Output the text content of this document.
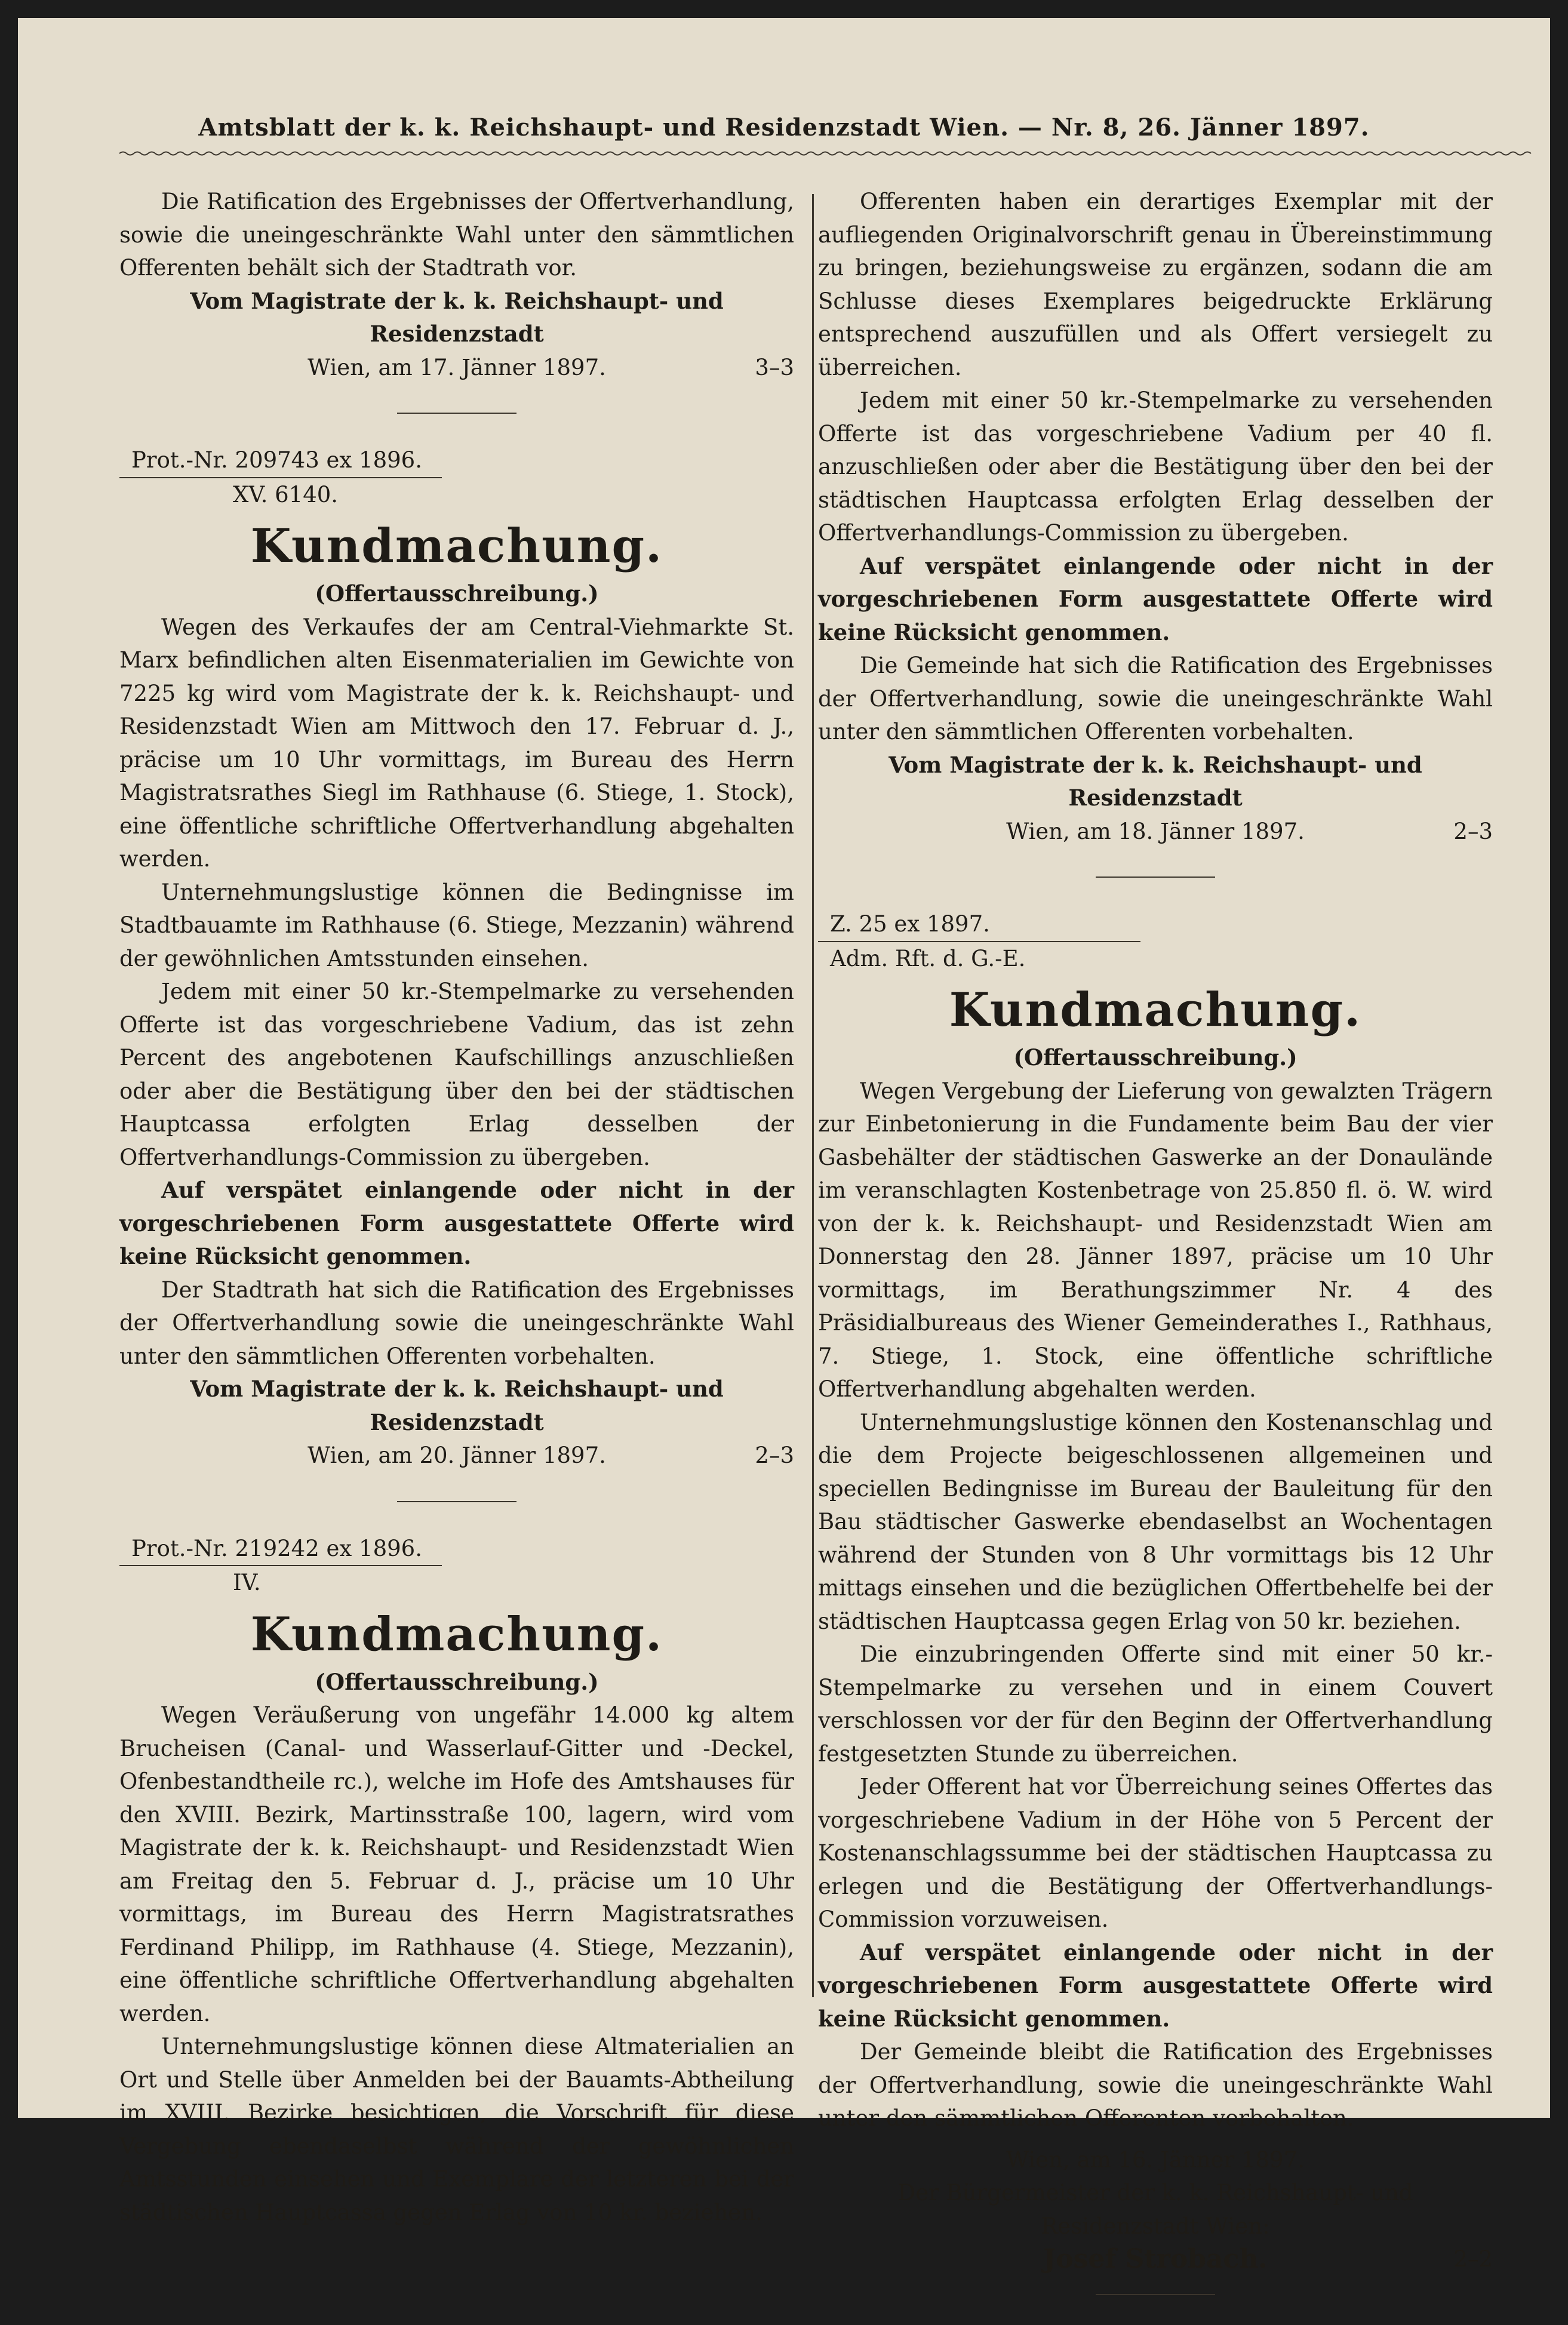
Amtsblatt der k. k. Reichshaupt- und Residenzstadt Wien. — Nr. 8, 26. Jänner 1897.

Die Ratification des Ergebnisses der Offertverhandlung, sowie die uneingeschränkte Wahl unter den sämmtlichen Offerenten behält sich der Stadtrath vor.

Vom Magistrate der k. k. Reichshaupt- und Residenzstadt

Wien, am 17. Jänner 1897.	3–3

Prot.-Nr. 209743 ex 1896.
XV. 6140.
Kundmachung.

(Offertausschreibung.)

Wegen des Verkaufes der am Central-Viehmarkte St. Marx befindlichen alten Eisenmaterialien im Gewichte von 7225 kg wird vom Magistrate der k. k. Reichshaupt- und Residenzstadt Wien am Mittwoch den 17. Februar d. J., präcise um 10 Uhr vormittags, im Bureau des Herrn Magistratsrathes Siegl im Rathhause (6. Stiege, 1. Stock), eine öffentliche schriftliche Offertverhandlung abgehalten werden.

Unternehmungslustige können die Bedingnisse im Stadtbauamte im Rathhause (6. Stiege, Mezzanin) während der gewöhnlichen Amtsstunden einsehen.

Jedem mit einer 50 kr.-Stempelmarke zu versehenden Offerte ist das vorgeschriebene Vadium, das ist zehn Percent des angebotenen Kaufschillings anzuschließen oder aber die Bestätigung über den bei der städtischen Hauptcassa erfolgten Erlag desselben der Offertverhandlungs-Commission zu übergeben.

Auf verspätet einlangende oder nicht in der vorgeschriebenen Form ausgestattete Offerte wird keine Rücksicht genommen.

Der Stadtrath hat sich die Ratification des Ergebnisses der Offertverhandlung sowie die uneingeschränkte Wahl unter den sämmtlichen Offerenten vorbehalten.

Vom Magistrate der k. k. Reichshaupt- und Residenzstadt

Wien, am 20. Jänner 1897.	2–3

Prot.-Nr. 219242 ex 1896.
IV.
Kundmachung.

(Offertausschreibung.)

Wegen Veräußerung von ungefähr 14.000 kg altem Brucheisen (Canal- und Wasserlauf-Gitter und -Deckel, Ofenbestandtheile rc.), welche im Hofe des Amtshauses für den XVIII. Bezirk, Martinsstraße 100, lagern, wird vom Magistrate der k. k. Reichshaupt- und Residenzstadt Wien am Freitag den 5. Februar d. J., präcise um 10 Uhr vormittags, im Bureau des Herrn Magistratsrathes Ferdinand Philipp, im Rathhause (4. Stiege, Mezzanin), eine öffentliche schriftliche Offertverhandlung abgehalten werden.

Unternehmungslustige können diese Altmaterialien an Ort und Stelle über Anmelden bei der Bauamts-Abtheilung im XVIII. Bezirke besichtigen, die Vorschrift für diese Vergebung ebendaselbst während der gewöhnlichen Amtsstunden einsehen und Exemplare der letzteren bei der städtischen Hauptcassa gegen Erlag von 10 kr. beziehen.

Offerenten haben ein derartiges Exemplar mit der aufliegenden Originalvorschrift genau in Übereinstimmung zu bringen, beziehungsweise zu ergänzen, sodann die am Schlusse dieses Exemplares beigedruckte Erklärung entsprechend auszufüllen und als Offert versiegelt zu überreichen.

Jedem mit einer 50 kr.-Stempelmarke zu versehenden Offerte ist das vorgeschriebene Vadium per 40 fl. anzuschließen oder aber die Bestätigung über den bei der städtischen Hauptcassa erfolgten Erlag desselben der Offertverhandlungs-Commission zu übergeben.

Auf verspätet einlangende oder nicht in der vorgeschriebenen Form ausgestattete Offerte wird keine Rücksicht genommen.

Die Gemeinde hat sich die Ratification des Ergebnisses der Offertverhandlung, sowie die uneingeschränkte Wahl unter den sämmtlichen Offerenten vorbehalten.

Vom Magistrate der k. k. Reichshaupt- und Residenzstadt

Wien, am 18. Jänner 1897.	2–3

Z. 25 ex 1897.
Adm. Rft. d. G.-E.
Kundmachung.

(Offertausschreibung.)

Wegen Vergebung der Lieferung von gewalzten Trägern zur Einbetonierung in die Fundamente beim Bau der vier Gasbehälter der städtischen Gaswerke an der Donaulände im veranschlagten Kostenbetrage von 25.850 fl. ö. W. wird von der k. k. Reichshaupt- und Residenzstadt Wien am Donnerstag den 28. Jänner 1897, präcise um 10 Uhr vormittags, im Berathungszimmer Nr. 4 des Präsidialbureaus des Wiener Gemeinderathes I., Rathhaus, 7. Stiege, 1. Stock, eine öffentliche schriftliche Offertverhandlung abgehalten werden.

Unternehmungslustige können den Kostenanschlag und die dem Projecte beigeschlossenen allgemeinen und speciellen Bedingnisse im Bureau der Bauleitung für den Bau städtischer Gaswerke ebendaselbst an Wochentagen während der Stunden von 8 Uhr vormittags bis 12 Uhr mittags einsehen und die bezüglichen Offertbehelfe bei der städtischen Hauptcassa gegen Erlag von 50 kr. beziehen.

Die einzubringenden Offerte sind mit einer 50 kr.-Stempelmarke zu versehen und in einem Couvert verschlossen vor der für den Beginn der Offertverhandlung festgesetzten Stunde zu überreichen.

Jeder Offerent hat vor Überreichung seines Offertes das vorgeschriebene Vadium in der Höhe von 5 Percent der Kostenanschlagssumme bei der städtischen Hauptcassa zu erlegen und die Bestätigung der Offertverhandlungs-Commission vorzuweisen.

Auf verspätet einlangende oder nicht in der vorgeschriebenen Form ausgestattete Offerte wird keine Rücksicht genommen.

Der Gemeinde bleibt die Ratification des Ergebnisses der Offertverhandlung, sowie die uneingeschränkte Wahl unter den sämmtlichen Offerenten vorbehalten.

Wien, am 16. Jänner 1897.

Der Bürgermeister der k. k. Reichshaupt- und Residenzstadt Wien:

Josef Strobach.	2–2
